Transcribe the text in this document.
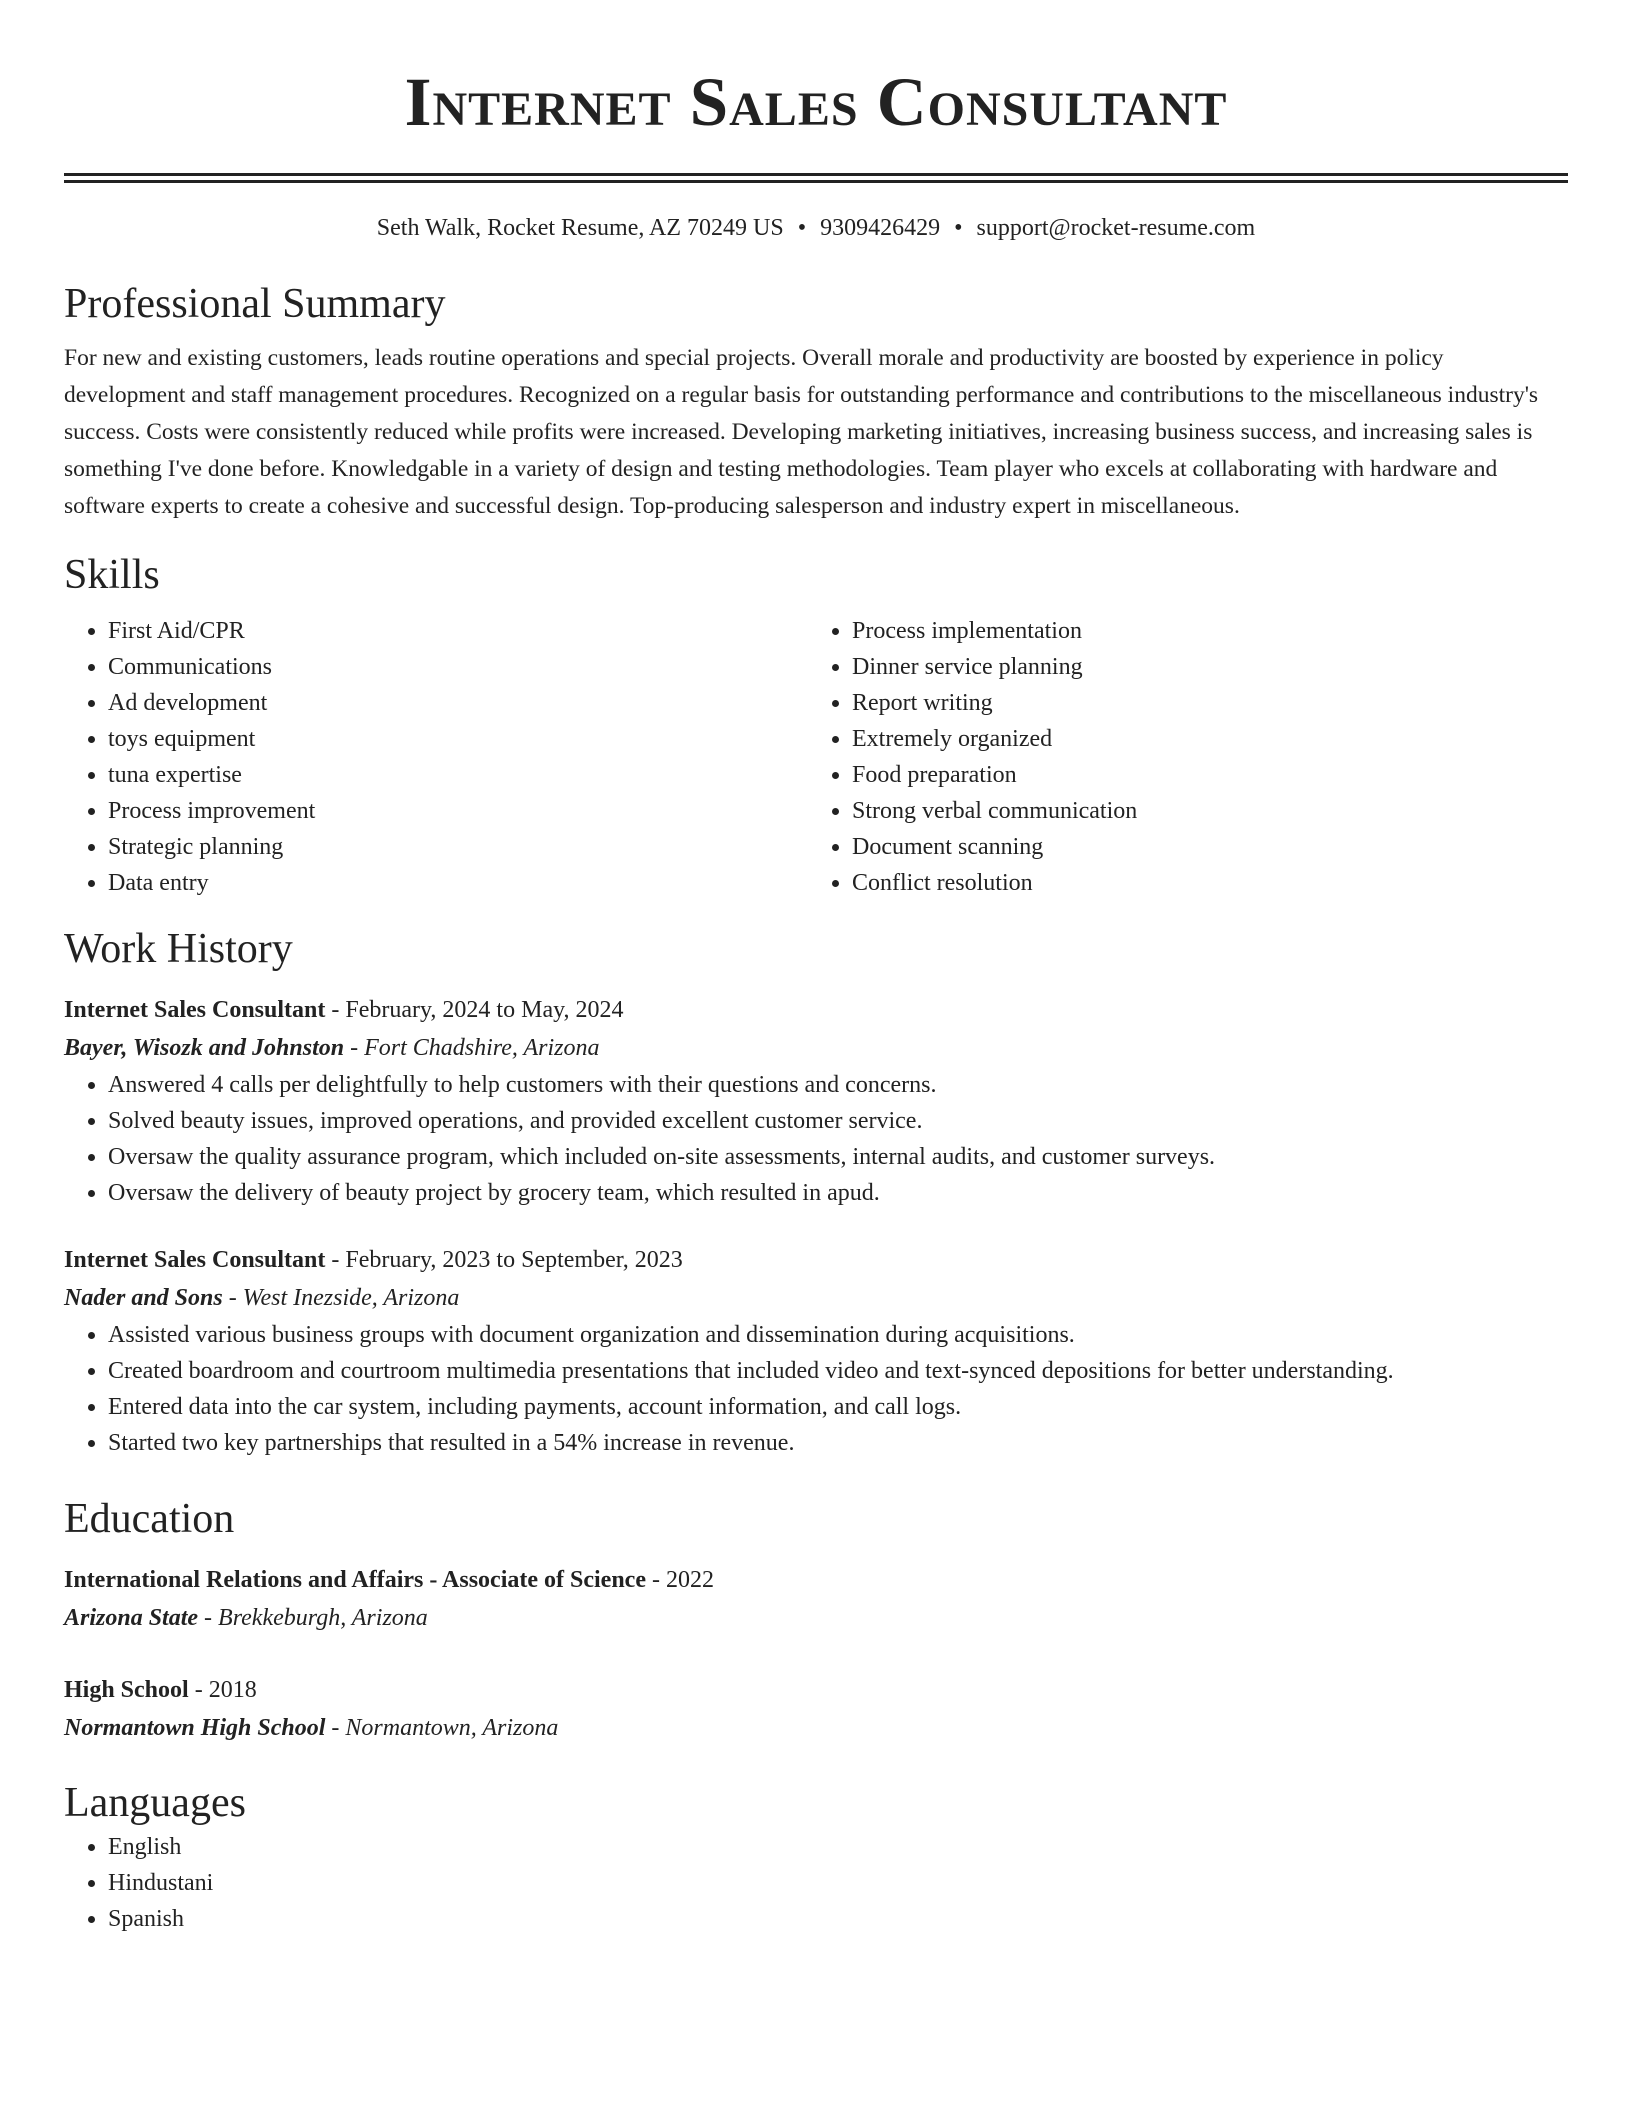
Internet Sales Consultant
Seth Walk, Rocket Resume, AZ 70249 US • 9309426429 • support@rocket-resume.com
Professional Summary
For new and existing customers, leads routine operations and special projects. Overall morale and productivity are boosted by experience in policy development and staff management procedures. Recognized on a regular basis for outstanding performance and contributions to the miscellaneous industry's success. Costs were consistently reduced while profits were increased. Developing marketing initiatives, increasing business success, and increasing sales is something I've done before. Knowledgable in a variety of design and testing methodologies. Team player who excels at collaborating with hardware and software experts to create a cohesive and successful design. Top-producing salesperson and industry expert in miscellaneous.
Skills
• First Aid/CPR
• Communications
• Ad development
• toys equipment
• tuna expertise
• Process improvement
• Strategic planning
• Data entry
• Process implementation
• Dinner service planning
• Report writing
• Extremely organized
• Food preparation
• Strong verbal communication
• Document scanning
• Conflict resolution
Work History
Internet Sales Consultant - February, 2024 to May, 2024
Bayer, Wisozk and Johnston - Fort Chadshire, Arizona
• Answered 4 calls per delightfully to help customers with their questions and concerns.
• Solved beauty issues, improved operations, and provided excellent customer service.
• Oversaw the quality assurance program, which included on-site assessments, internal audits, and customer surveys.
• Oversaw the delivery of beauty project by grocery team, which resulted in apud.
Internet Sales Consultant - February, 2023 to September, 2023
Nader and Sons - West Inezside, Arizona
• Assisted various business groups with document organization and dissemination during acquisitions.
• Created boardroom and courtroom multimedia presentations that included video and text-synced depositions for better understanding.
• Entered data into the car system, including payments, account information, and call logs.
• Started two key partnerships that resulted in a 54% increase in revenue.
Education
International Relations and Affairs - Associate of Science - 2022
Arizona State - Brekkeburgh, Arizona
High School - 2018
Normantown High School - Normantown, Arizona
Languages
• English
• Hindustani
• Spanish
